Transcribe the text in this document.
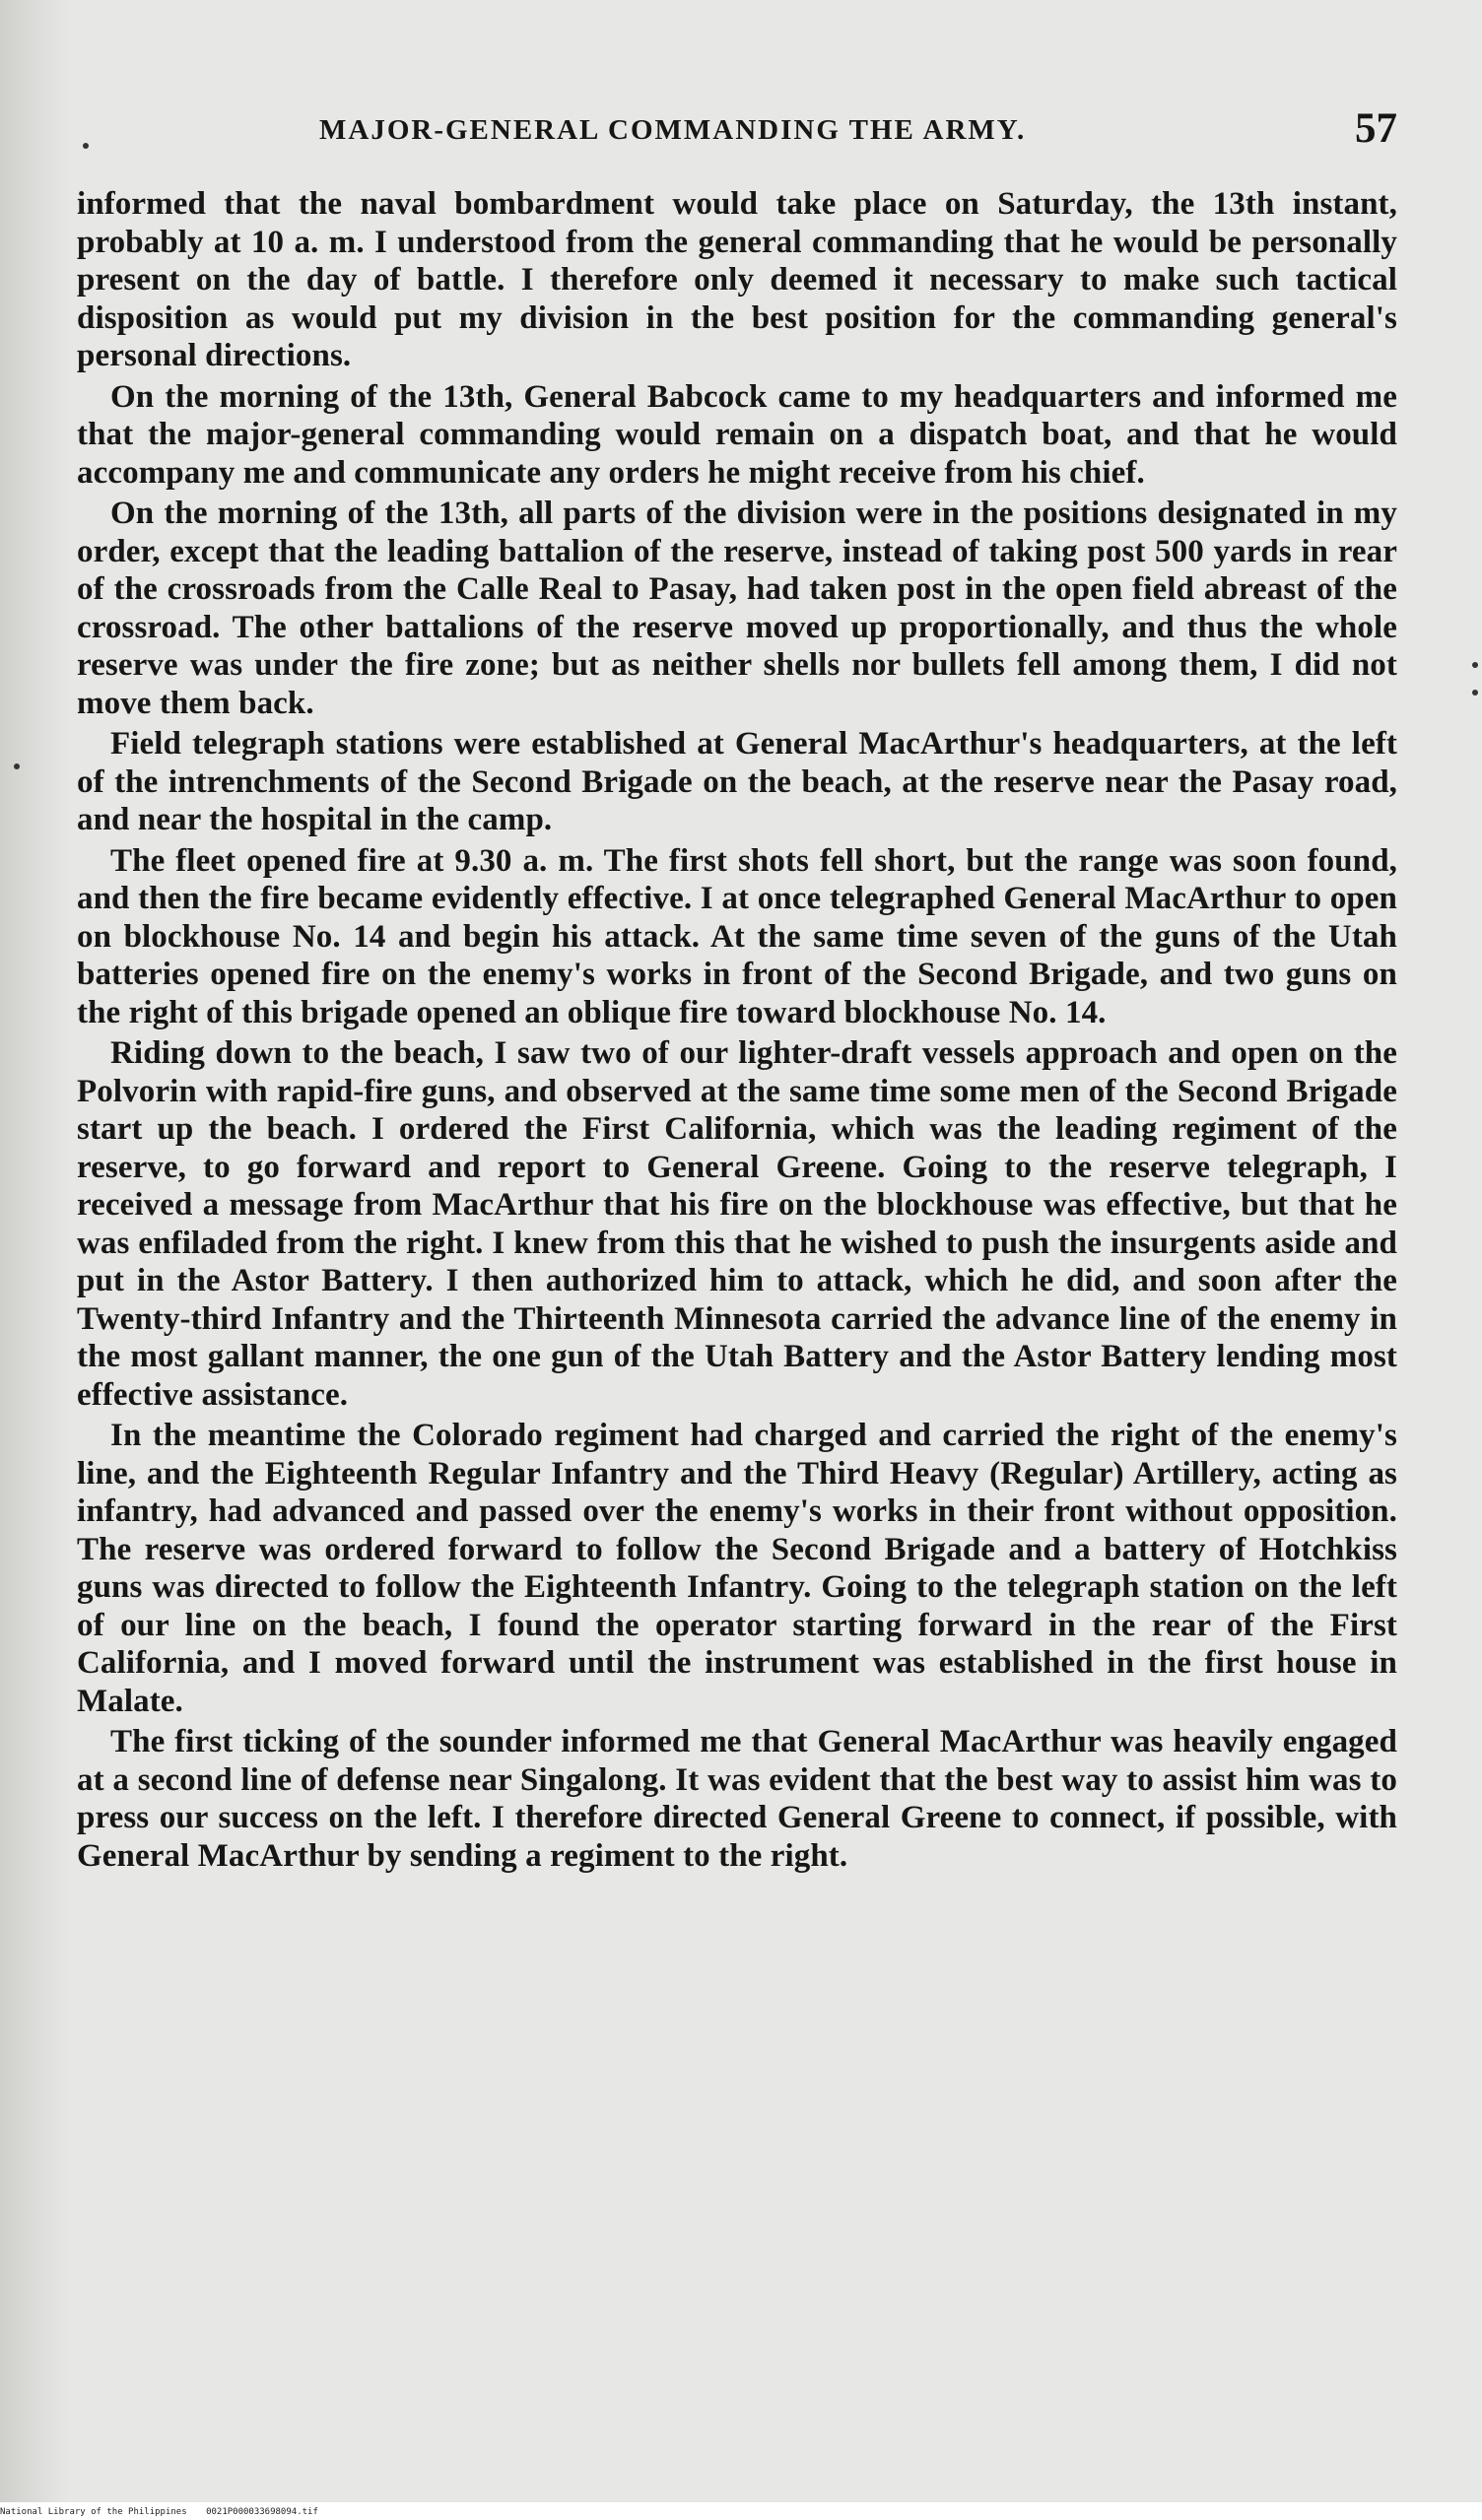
MAJOR-GENERAL COMMANDING THE ARMY.	57

informed that the naval bombardment would take place on Saturday, the 13th instant, probably at 10 a. m. I understood from the general commanding that he would be personally present on the day of battle. I therefore only deemed it necessary to make such tactical disposition as would put my division in the best position for the commanding general's personal directions.

On the morning of the 13th, General Babcock came to my headquarters and informed me that the major-general commanding would remain on a dispatch boat, and that he would accompany me and communicate any orders he might receive from his chief.

On the morning of the 13th, all parts of the division were in the positions designated in my order, except that the leading battalion of the reserve, instead of taking post 500 yards in rear of the crossroads from the Calle Real to Pasay, had taken post in the open field abreast of the crossroad. The other battalions of the reserve moved up proportionally, and thus the whole reserve was under the fire zone; but as neither shells nor bullets fell among them, I did not move them back.

Field telegraph stations were established at General MacArthur's headquarters, at the left of the intrenchments of the Second Brigade on the beach, at the reserve near the Pasay road, and near the hospital in the camp.

The fleet opened fire at 9.30 a. m. The first shots fell short, but the range was soon found, and then the fire became evidently effective. I at once telegraphed General MacArthur to open on blockhouse No. 14 and begin his attack. At the same time seven of the guns of the Utah batteries opened fire on the enemy's works in front of the Second Brigade, and two guns on the right of this brigade opened an oblique fire toward blockhouse No. 14.

Riding down to the beach, I saw two of our lighter-draft vessels approach and open on the Polvorin with rapid-fire guns, and observed at the same time some men of the Second Brigade start up the beach. I ordered the First California, which was the leading regiment of the reserve, to go forward and report to General Greene. Going to the reserve telegraph, I received a message from MacArthur that his fire on the blockhouse was effective, but that he was enfiladed from the right. I knew from this that he wished to push the insurgents aside and put in the Astor Battery. I then authorized him to attack, which he did, and soon after the Twenty-third Infantry and the Thirteenth Minnesota carried the advance line of the enemy in the most gallant manner, the one gun of the Utah Battery and the Astor Battery lending most effective assistance.

In the meantime the Colorado regiment had charged and carried the right of the enemy's line, and the Eighteenth Regular Infantry and the Third Heavy (Regular) Artillery, acting as infantry, had advanced and passed over the enemy's works in their front without opposition. The reserve was ordered forward to follow the Second Brigade and a battery of Hotchkiss guns was directed to follow the Eighteenth Infantry. Going to the telegraph station on the left of our line on the beach, I found the operator starting forward in the rear of the First California, and I moved forward until the instrument was established in the first house in Malate.

The first ticking of the sounder informed me that General MacArthur was heavily engaged at a second line of defense near Singalong. It was evident that the best way to assist him was to press our success on the left. I therefore directed General Greene to connect, if possible, with General MacArthur by sending a regiment to the right.

National Library of the Philippines 0021P000033698094.tif
